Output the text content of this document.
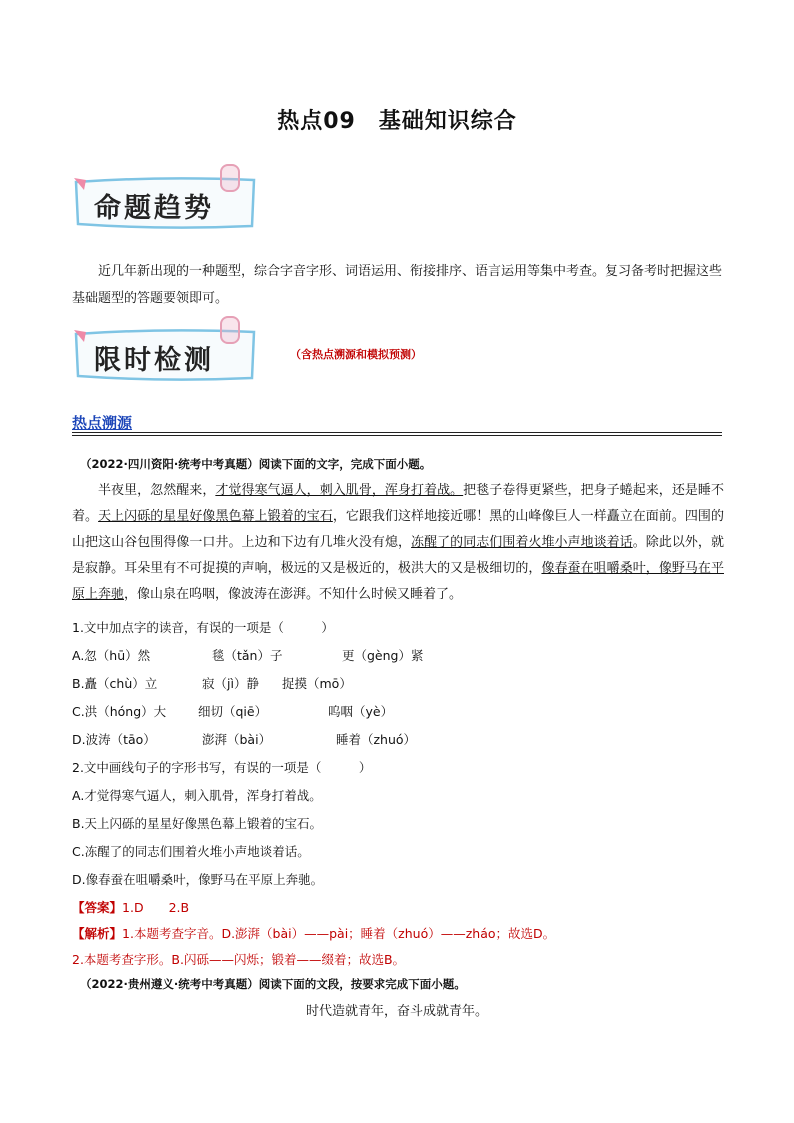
热点09　基础知识综合
命题趋势
近几年新出现的一种题型，综合字音字形、词语运用、衔接排序、语言运用等集中考查。复习备考时把握这些基础题型的答题要领即可。
限时检测	（含热点溯源和模拟预测）
热点溯源
（2022·四川资阳·统考中考真题）阅读下面的文字，完成下面小题。
半夜里，忽然醒来，才觉得寒气逼人，刺入肌骨，浑身打着战。把毯子卷得更紧些，把身子蜷起来，还是睡不着。天上闪砾的星星好像黑色幕上锻着的宝石，它跟我们这样地接近哪！黑的山峰像巨人一样矗立在面前。四围的山把这山谷包围得像一口井。上边和下边有几堆火没有熄，冻醒了的同志们围着火堆小声地谈着话。除此以外，就是寂静。耳朵里有不可捉摸的声响，极远的又是极近的，极洪大的又是极细切的，像春蚕在咀嚼桑叶，像野马在平原上奔驰，像山泉在呜咽，像波涛在澎湃。不知什么时候又睡着了。
1.文中加点字的读音，有误的一项是（　　　）
A.忽（hū）然	毯（tǎn）子	更（gèng）紧
B.矗（chù）立	寂（jì）静 捉摸（mō）
C.洪（hóng）大	细切（qiē）	呜咽（yè）
D.波涛（tāo）	澎湃（bài）	睡着（zhuó）
2.文中画线句子的字形书写，有误的一项是（　　　）
A.才觉得寒气逼人，刺入肌骨，浑身打着战。
B.天上闪砾的星星好像黑色幕上锻着的宝石。
C.冻醒了的同志们围着火堆小声地谈着话。
D.像春蚕在咀嚼桑叶，像野马在平原上奔驰。
【答案】1.D　　2.B
【解析】1.本题考查字音。D.澎湃（bài）——pài；睡着（zhuó）——zháo；故选D。
2.本题考查字形。B.闪砾——闪烁；锻着——缀着；故选B。
（2022·贵州遵义·统考中考真题）阅读下面的文段，按要求完成下面小题。
时代造就青年，奋斗成就青年。
